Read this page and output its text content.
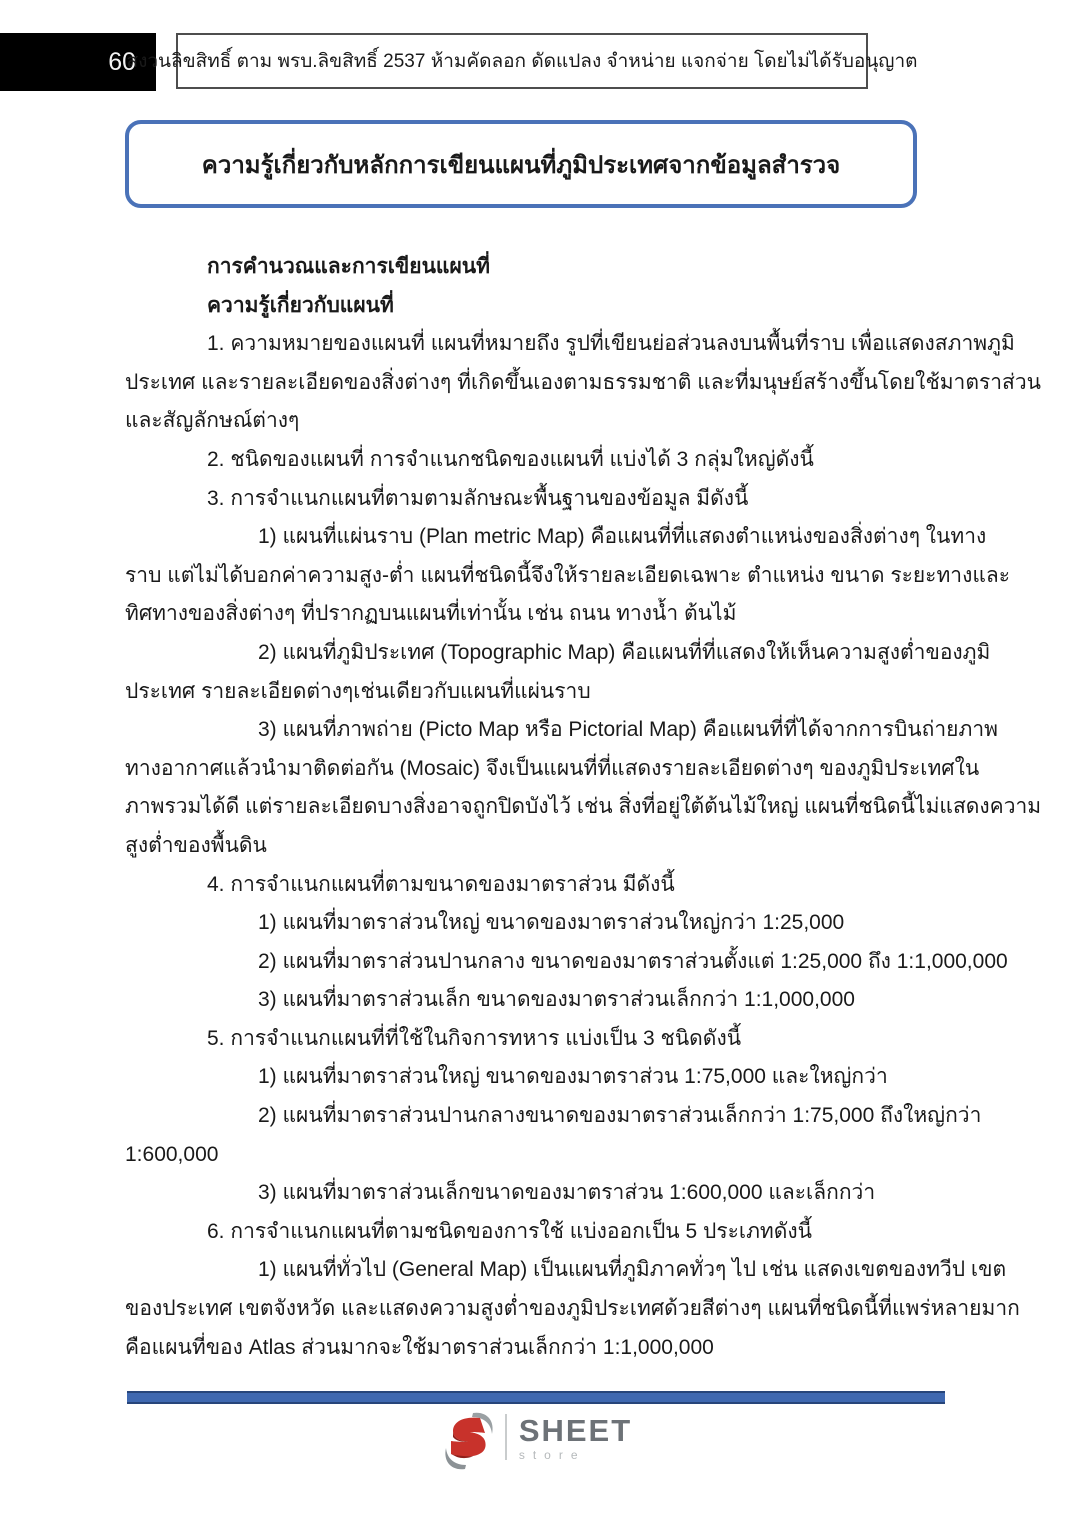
60
สงวนลิขสิทธิ์ ตาม พรบ.ลิขสิทธิ์ 2537 ห้ามคัดลอก ดัดแปลง จำหน่าย แจกจ่าย โดยไม่ได้รับอนุญาต
ความรู้เกี่ยวกับหลักการเขียนแผนที่ภูมิประเทศจากข้อมูลสำรวจ
การคำนวณและการเขียนแผนที่
ความรู้เกี่ยวกับแผนที่
1. ความหมายของแผนที่ แผนที่หมายถึง รูปที่เขียนย่อส่วนลงบนพื้นที่ราบ เพื่อแสดงสภาพภูมิ
ประเทศ และรายละเอียดของสิ่งต่างๆ ที่เกิดขึ้นเองตามธรรมชาติ และที่มนุษย์สร้างขึ้นโดยใช้มาตราส่วน
และสัญลักษณ์ต่างๆ
2. ชนิดของแผนที่ การจำแนกชนิดของแผนที่ แบ่งได้ 3 กลุ่มใหญ่ดังนี้
3. การจำแนกแผนที่ตามตามลักษณะพื้นฐานของข้อมูล มีดังนี้
1) แผนที่แผ่นราบ (Plan metric Map) คือแผนที่ที่แสดงตำแหน่งของสิ่งต่างๆ ในทาง
ราบ แต่ไม่ได้บอกค่าความสูง-ต่ำ แผนที่ชนิดนี้จึงให้รายละเอียดเฉพาะ ตำแหน่ง ขนาด ระยะทางและ
ทิศทางของสิ่งต่างๆ ที่ปรากฏบนแผนที่เท่านั้น เช่น ถนน ทางน้ำ ต้นไม้
2) แผนที่ภูมิประเทศ (Topographic Map) คือแผนที่ที่แสดงให้เห็นความสูงต่ำของภูมิ
ประเทศ รายละเอียดต่างๆเช่นเดียวกับแผนที่แผ่นราบ
3) แผนที่ภาพถ่าย (Picto Map หรือ Pictorial Map) คือแผนที่ที่ได้จากการบินถ่ายภาพ
ทางอากาศแล้วนำมาติดต่อกัน (Mosaic) จึงเป็นแผนที่ที่แสดงรายละเอียดต่างๆ ของภูมิประเทศใน
ภาพรวมได้ดี แต่รายละเอียดบางสิ่งอาจถูกปิดบังไว้ เช่น สิ่งที่อยู่ใต้ต้นไม้ใหญ่ แผนที่ชนิดนี้ไม่แสดงความ
สูงต่ำของพื้นดิน
4. การจำแนกแผนที่ตามขนาดของมาตราส่วน มีดังนี้
1) แผนที่มาตราส่วนใหญ่ ขนาดของมาตราส่วนใหญ่กว่า 1:25,000
2) แผนที่มาตราส่วนปานกลาง ขนาดของมาตราส่วนตั้งแต่ 1:25,000 ถึง 1:1,000,000
3) แผนที่มาตราส่วนเล็ก ขนาดของมาตราส่วนเล็กกว่า 1:1,000,000
5. การจำแนกแผนที่ที่ใช้ในกิจการทหาร แบ่งเป็น 3 ชนิดดังนี้
1) แผนที่มาตราส่วนใหญ่ ขนาดของมาตราส่วน 1:75,000 และใหญ่กว่า
2) แผนที่มาตราส่วนปานกลางขนาดของมาตราส่วนเล็กกว่า 1:75,000 ถึงใหญ่กว่า
1:600,000
3) แผนที่มาตราส่วนเล็กขนาดของมาตราส่วน 1:600,000 และเล็กกว่า
6. การจำแนกแผนที่ตามชนิดของการใช้ แบ่งออกเป็น 5 ประเภทดังนี้
1) แผนที่ทั่วไป (General Map) เป็นแผนที่ภูมิภาคทั่วๆ ไป เช่น แสดงเขตของทวีป เขต
ของประเทศ เขตจังหวัด และแสดงความสูงต่ำของภูมิประเทศด้วยสีต่างๆ แผนที่ชนิดนี้ที่แพร่หลายมาก
คือแผนที่ของ Atlas ส่วนมากจะใช้มาตราส่วนเล็กกว่า 1:1,000,000
SHEET
store
